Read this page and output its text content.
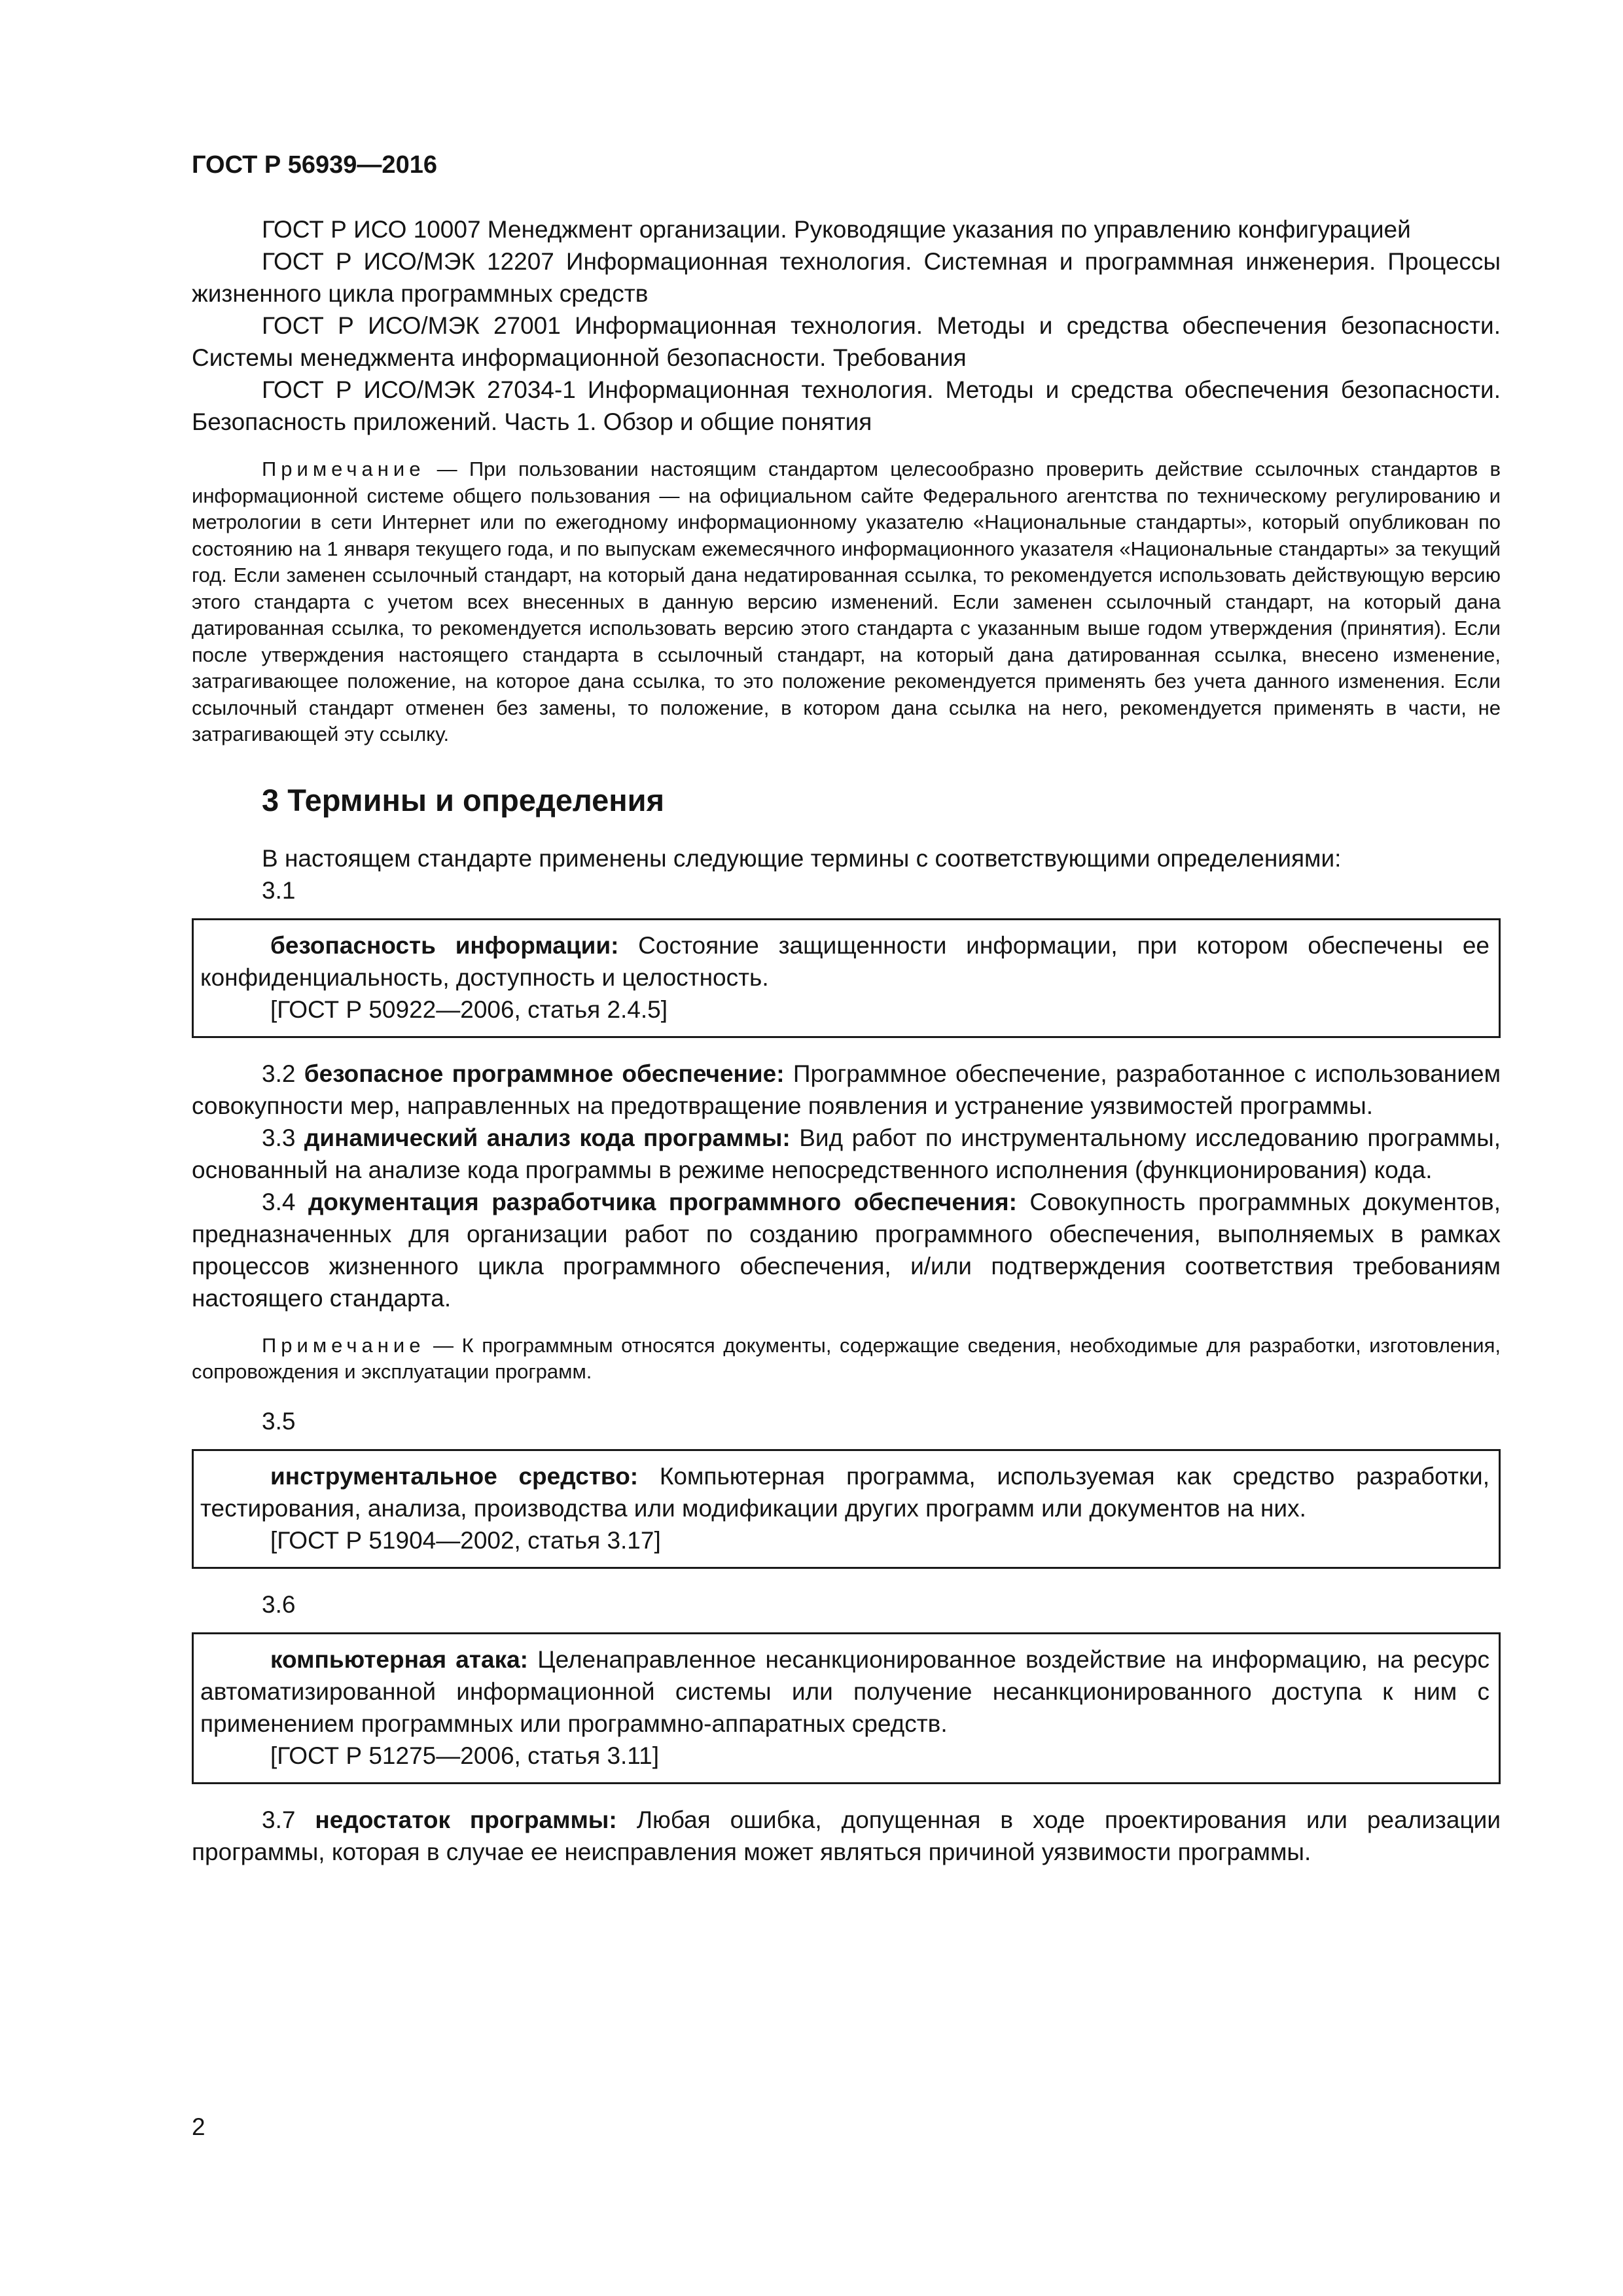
ГОСТ Р 56939—2016

ГОСТ Р ИСО 10007 Менеджмент организации. Руководящие указания по управлению конфигурацией

ГОСТ Р ИСО/МЭК 12207 Информационная технология. Системная и программная инженерия. Процессы жизненного цикла программных средств

ГОСТ Р ИСО/МЭК 27001 Информационная технология. Методы и средства обеспечения безопасности. Системы менеджмента информационной безопасности. Требования

ГОСТ Р ИСО/МЭК 27034-1 Информационная технология. Методы и средства обеспечения безопасности. Безопасность приложений. Часть 1. Обзор и общие понятия

Примечание — При пользовании настоящим стандартом целесообразно проверить действие ссылочных стандартов в информационной системе общего пользования — на официальном сайте Федерального агентства по техническому регулированию и метрологии в сети Интернет или по ежегодному информационному указателю «Национальные стандарты», который опубликован по состоянию на 1 января текущего года, и по выпускам ежемесячного информационного указателя «Национальные стандарты» за текущий год. Если заменен ссылочный стандарт, на который дана недатированная ссылка, то рекомендуется использовать действующую версию этого стандарта с учетом всех внесенных в данную версию изменений. Если заменен ссылочный стандарт, на который дана датированная ссылка, то рекомендуется использовать версию этого стандарта с указанным выше годом утверждения (принятия). Если после утверждения настоящего стандарта в ссылочный стандарт, на который дана датированная ссылка, внесено изменение, затрагивающее положение, на которое дана ссылка, то это положение рекомендуется применять без учета данного изменения. Если ссылочный стандарт отменен без замены, то положение, в котором дана ссылка на него, рекомендуется применять в части, не затрагивающей эту ссылку.

3 Термины и определения

В настоящем стандарте применены следующие термины с соответствующими определениями:

3.1

безопасность информации: Состояние защищенности информации, при котором обеспечены ее конфиденциальность, доступность и целостность.

[ГОСТ Р 50922—2006, статья 2.4.5]

3.2 безопасное программное обеспечение: Программное обеспечение, разработанное с использованием совокупности мер, направленных на предотвращение появления и устранение уязвимостей программы.

3.3 динамический анализ кода программы: Вид работ по инструментальному исследованию программы, основанный на анализе кода программы в режиме непосредственного исполнения (функционирования) кода.

3.4 документация разработчика программного обеспечения: Совокупность программных документов, предназначенных для организации работ по созданию программного обеспечения, выполняемых в рамках процессов жизненного цикла программного обеспечения, и/или подтверждения соответствия требованиям настоящего стандарта.

Примечание — К программным относятся документы, содержащие сведения, необходимые для разработки, изготовления, сопровождения и эксплуатации программ.

3.5

инструментальное средство: Компьютерная программа, используемая как средство разработки, тестирования, анализа, производства или модификации других программ или документов на них.

[ГОСТ Р 51904—2002, статья 3.17]
3.6

компьютерная атака: Целенаправленное несанкционированное воздействие на информацию, на ресурс автоматизированной информационной системы или получение несанкционированного доступа к ним с применением программных или программно-аппаратных средств.

[ГОСТ Р 51275—2006, статья 3.11]

3.7 недостаток программы: Любая ошибка, допущенная в ходе проектирования или реализации программы, которая в случае ее неисправления может являться причиной уязвимости программы.

2
